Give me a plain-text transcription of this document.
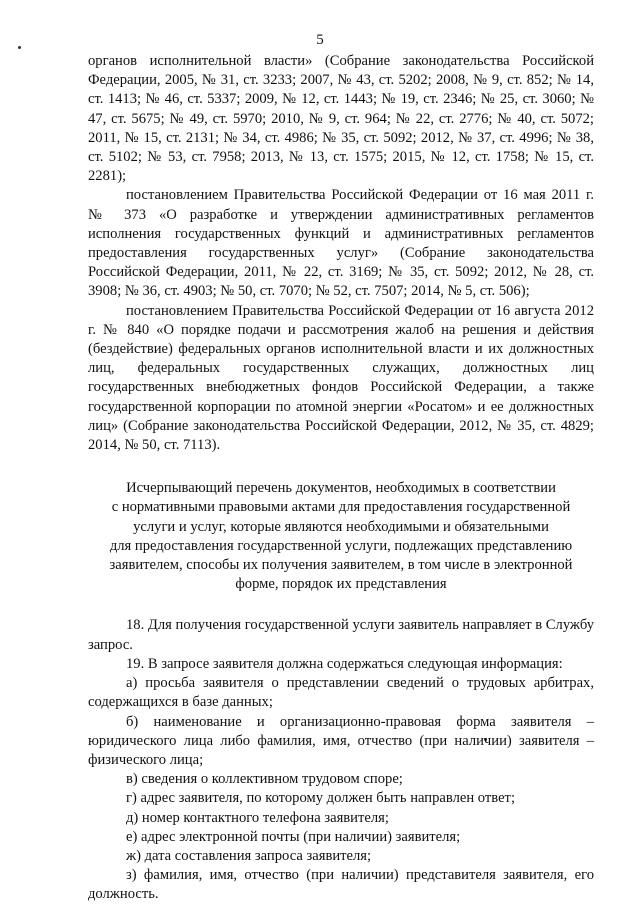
5

органов исполнительной власти» (Собрание законодательства Российской Федерации, 2005, № 31, ст. 3233; 2007, № 43, ст. 5202; 2008, № 9, ст. 852; № 14, ст. 1413; № 46, ст. 5337; 2009, № 12, ст. 1443; № 19, ст. 2346; № 25, ст. 3060; № 47, ст. 5675; № 49, ст. 5970; 2010, № 9, ст. 964; № 22, ст. 2776; № 40, ст. 5072; 2011, № 15, ст. 2131; № 34, ст. 4986; № 35, ст. 5092; 2012, № 37, ст. 4996; № 38, ст. 5102; № 53, ст. 7958; 2013, № 13, ст. 1575; 2015, № 12, ст. 1758; № 15, ст. 2281);

постановлением Правительства Российской Федерации от 16 мая 2011 г. № 373 «О разработке и утверждении административных регламентов исполнения государственных функций и административных регламентов предоставления государственных услуг» (Собрание законодательства Российской Федерации, 2011, № 22, ст. 3169; № 35, ст. 5092; 2012, № 28, ст. 3908; № 36, ст. 4903; № 50, ст. 7070; № 52, ст. 7507; 2014, № 5, ст. 506);

постановлением Правительства Российской Федерации от 16 августа 2012 г. № 840 «О порядке подачи и рассмотрения жалоб на решения и действия (бездействие) федеральных органов исполнительной власти и их должностных лиц, федеральных государственных служащих, должностных лиц государственных внебюджетных фондов Российской Федерации, а также государственной корпорации по атомной энергии «Росатом» и ее должностных лиц» (Собрание законодательства Российской Федерации, 2012, № 35, ст. 4829; 2014, № 50, ст. 7113).

Исчерпывающий перечень документов, необходимых в соответствии
с нормативными правовыми актами для предоставления государственной
услуги и услуг, которые являются необходимыми и обязательными
для предоставления государственной услуги, подлежащих представлению
заявителем, способы их получения заявителем, в том числе в электронной
форме, порядок их представления

18. Для получения государственной услуги заявитель направляет в Службу запрос.

19. В запросе заявителя должна содержаться следующая информация:

а) просьба заявителя о представлении сведений о трудовых арбитрах, содержащихся в базе данных;

б) наименование и организационно-правовая форма заявителя – юридического лица либо фамилия, имя, отчество (при наличии) заявителя – физического лица;

в) сведения о коллективном трудовом споре;

г) адрес заявителя, по которому должен быть направлен ответ;

д) номер контактного телефона заявителя;

е) адрес электронной почты (при наличии) заявителя;

ж) дата составления запроса заявителя;

з) фамилия, имя, отчество (при наличии) представителя заявителя, его должность.
